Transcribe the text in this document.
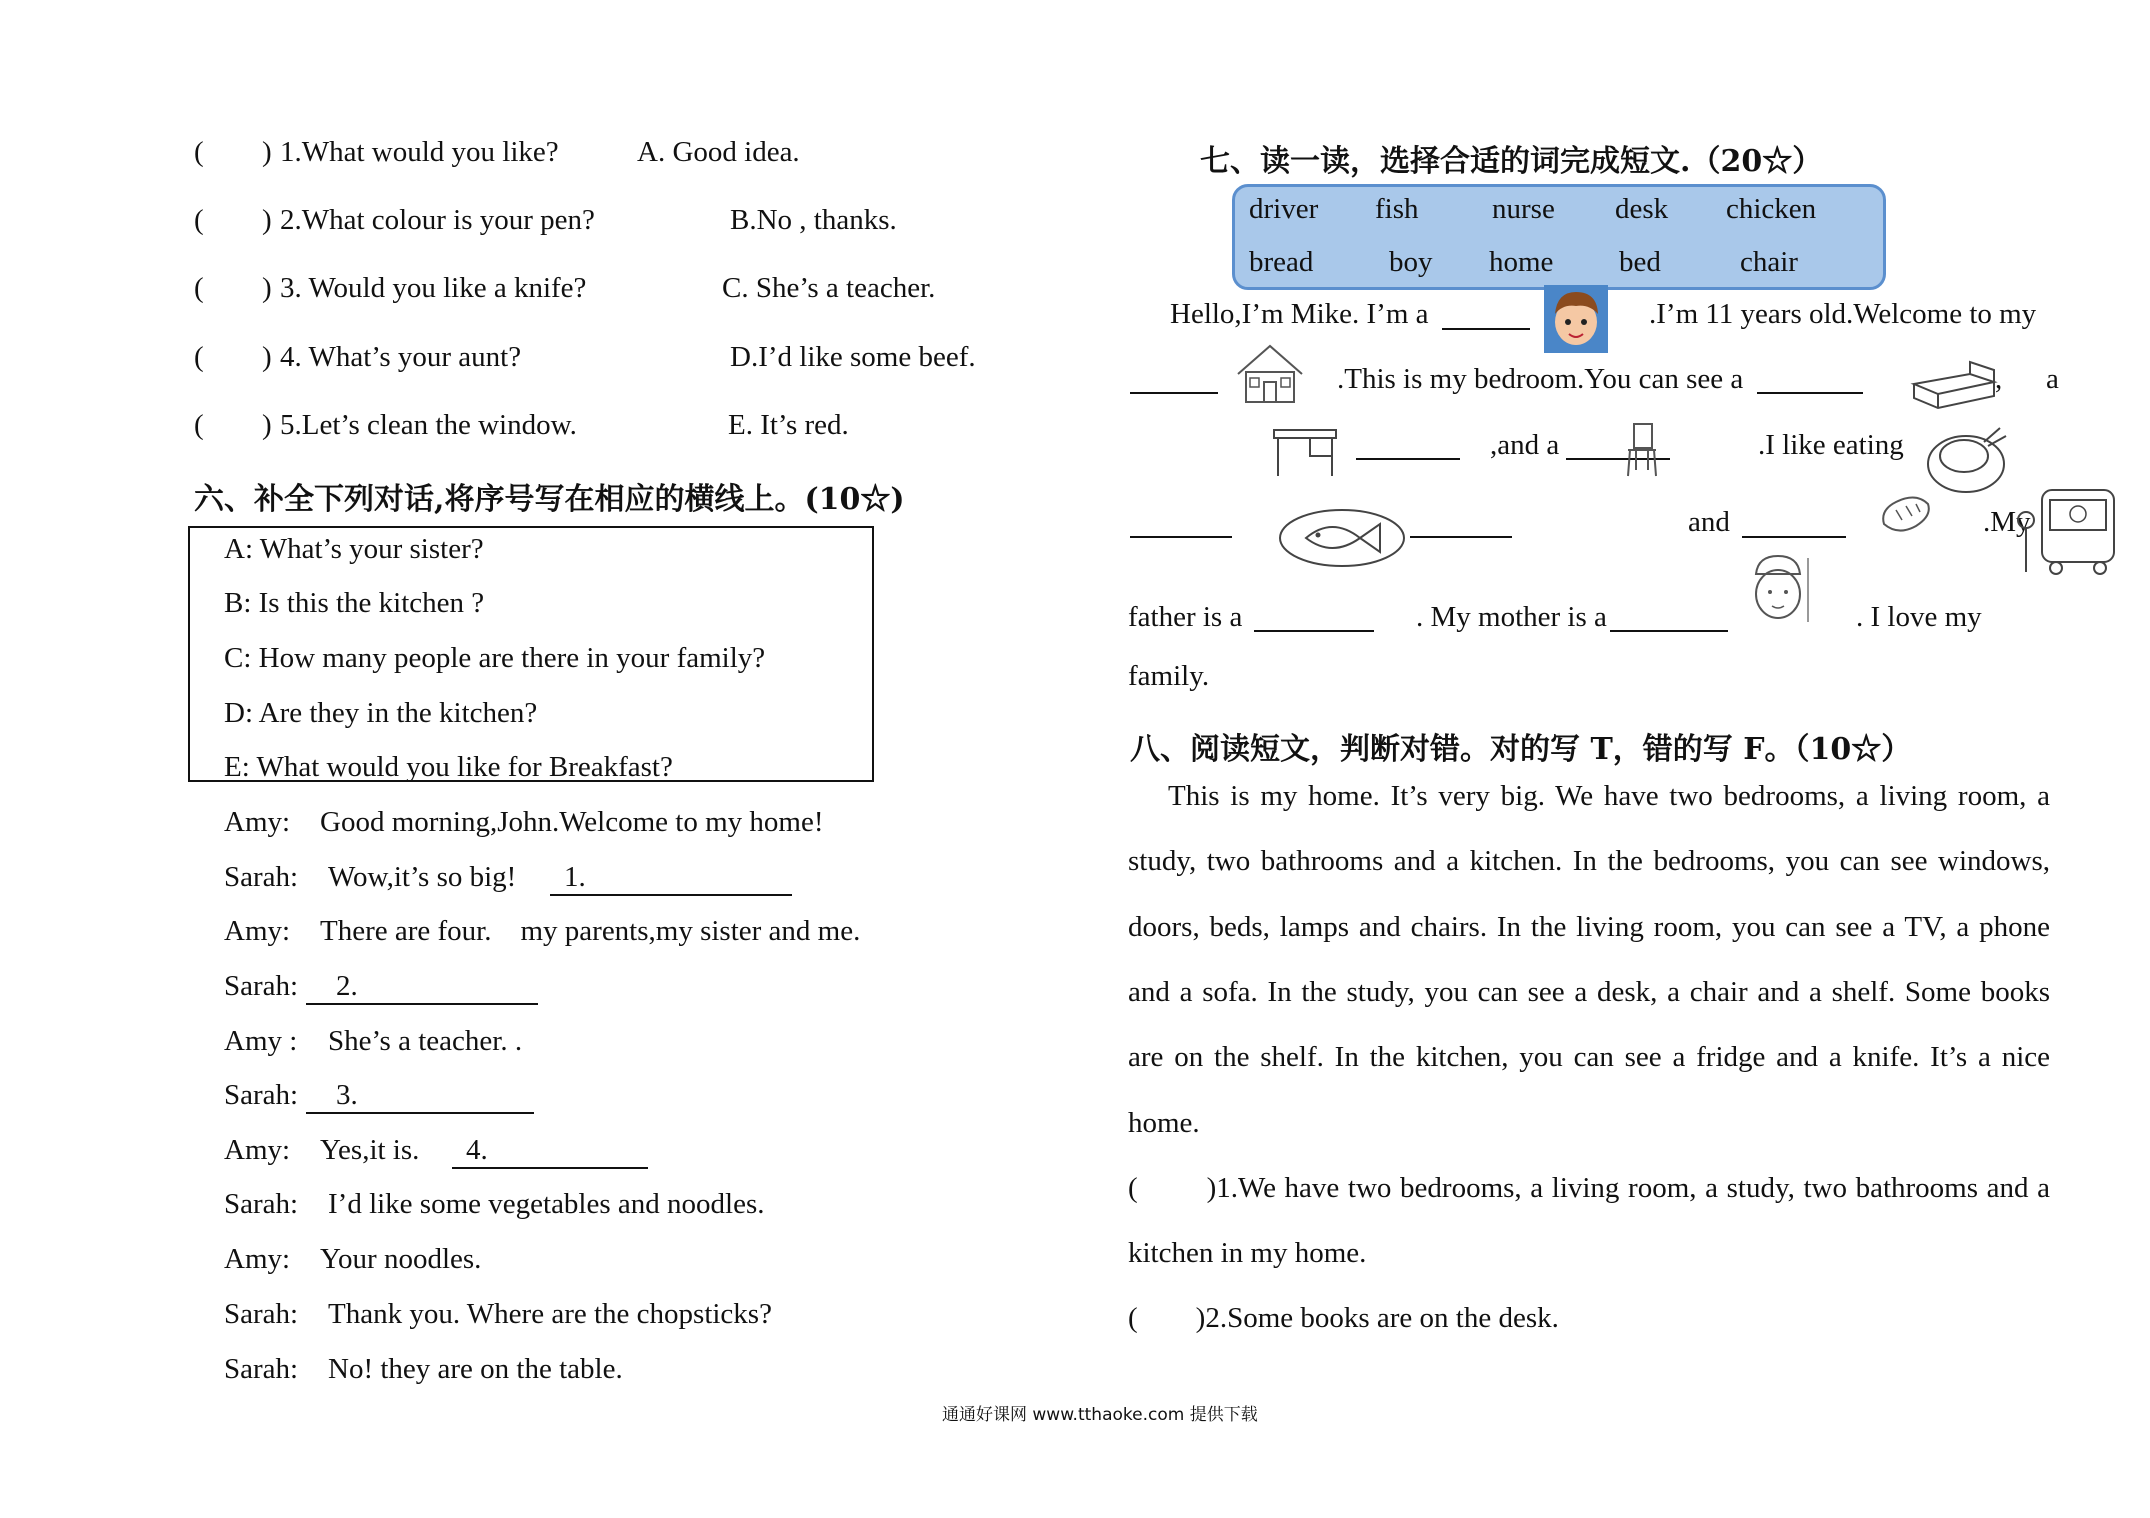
( ) 1.What would you like?	A. Good idea.
( ) 2.What colour is your pen?	B.No , thanks.
( ) 3. Would you like a knife?	C. She’s a teacher.
( ) 4. What’s your aunt?	D.I’d like some beef.
( ) 5.Let’s clean the window.	E. It’s red.
六、补全下列对话,将序号写在相应的横线上。(10☆)
A: What’s your sister?
B: Is this the kitchen ?
C: How many people are there in your family?
D: Are they in the kitchen?
E: What would you like for Breakfast?
Amy: Good morning,John.Welcome to my home!
Sarah: Wow,it’s so big!	1.
Amy: There are four.    my parents,my sister and me.
Sarah:	2.
Amy : She’s a teacher. .
Sarah:	3.
Amy: Yes,it is.	4.
Sarah: I’d like some vegetables and noodles.
Amy: Your noodles.
Sarah: Thank you. Where are the chopsticks?
Sarah: No! they are on the table.
七、读一读，选择合适的词完成短文.（20☆）
driver fish	nurse desk chicken
bread	boy home bed	chair
Hello,I’m Mike. I’m a	.I’m 11 years old.Welcome to my
.This is my bedroom.You can see a	, a
,and a	.I like eating
and	.My
father is a	. My mother is a	. I love my
family.
八、阅读短文，判断对错。对的写 T，错的写 F。（10☆）
This is my home. It’s very big. We have two bedrooms, a living room, a
study, two bathrooms and a kitchen. In the bedrooms, you can see windows,
doors, beds, lamps and chairs. In the living room, you can see a TV, a phone
and a sofa. In the study, you can see a desk, a chair and a shelf. Some books
are on the shelf. In the kitchen, you can see a fridge and a knife. It’s a nice
home.
(        )1.We have two bedrooms, a living room, a study, two bathrooms and a
kitchen in my home.
(        )2.Some books are on the desk.
通通好课网 www.tthaoke.com 提供下载
